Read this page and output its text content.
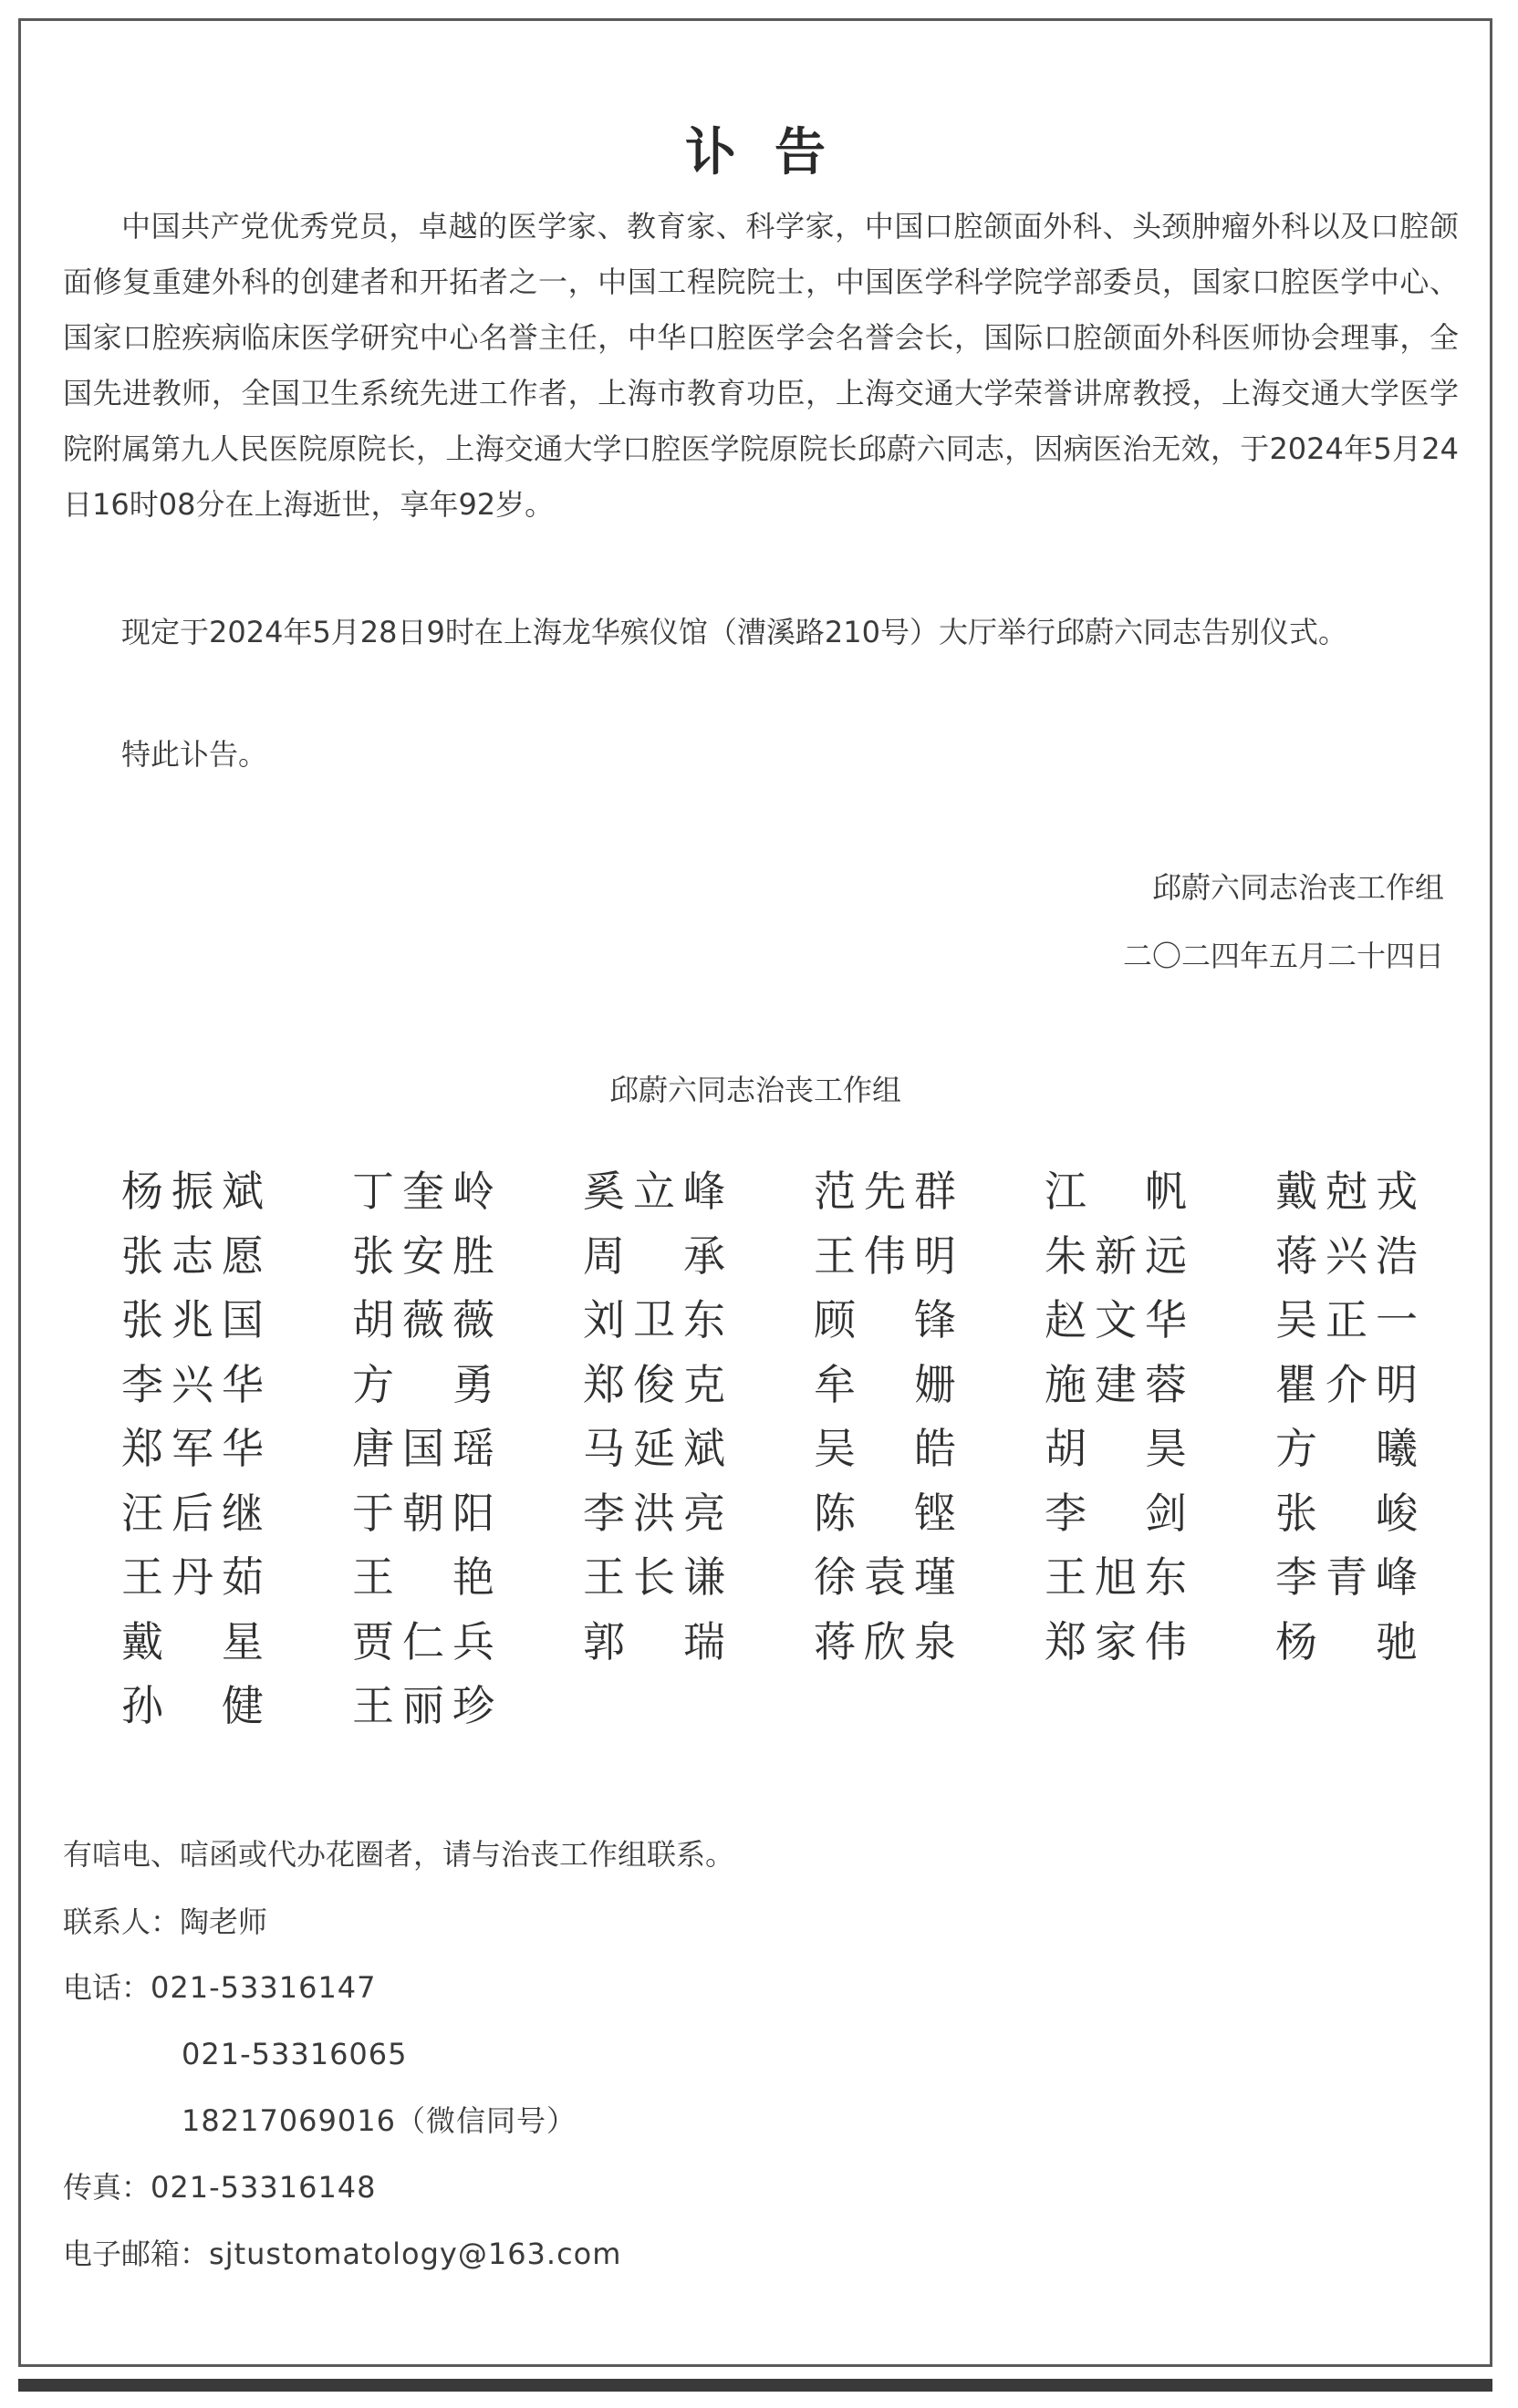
讣告

中国共产党优秀党员，卓越的医学家、教育家、科学家，中国口腔颌面外科、头颈肿瘤外科以及口腔颌面修复重建外科的创建者和开拓者之一，中国工程院院士，中国医学科学院学部委员，国家口腔医学中心、国家口腔疾病临床医学研究中心名誉主任，中华口腔医学会名誉会长，国际口腔颌面外科医师协会理事，全国先进教师，全国卫生系统先进工作者，上海市教育功臣，上海交通大学荣誉讲席教授，上海交通大学医学院附属第九人民医院原院长，上海交通大学口腔医学院原院长邱蔚六同志，因病医治无效，于2024年5月24日16时08分在上海逝世，享年92岁。

现定于2024年5月28日9时在上海龙华殡仪馆（漕溪路210号）大厅举行邱蔚六同志告别仪式。

特此讣告。

邱蔚六同志治丧工作组
二〇二四年五月二十四日
邱蔚六同志治丧工作组
杨 振 斌 丁 奎 岭 奚 立 峰 范 先 群 江 帆 戴 尅 戎
张 志 愿 张 安 胜 周 承 王 伟 明 朱 新 远 蒋 兴 浩
张 兆 国 胡 薇 薇 刘 卫 东 顾 锋 赵 文 华 吴 正 一
李 兴 华 方 勇 郑 俊 克 牟 姗 施 建 蓉 瞿 介 明
郑 军 华 唐 国 瑶 马 延 斌 吴 皓 胡 昊 方 曦
汪 后 继 于 朝 阳 李 洪 亮 陈 铿 李 剑 张 峻
王 丹 茹 王 艳 王 长 谦 徐 袁 瑾 王 旭 东 李 青 峰
戴 星 贾 仁 兵 郭 瑞 蒋 欣 泉 郑 家 伟 杨 驰
孙 健 王 丽 珍
有唁电、唁函或代办花圈者，请与治丧工作组联系。
联系人：陶老师
电话：021-53316147
021-53316065
18217069016（微信同号）
传真：021-53316148
电子邮箱：sjtustomatology@163.com
